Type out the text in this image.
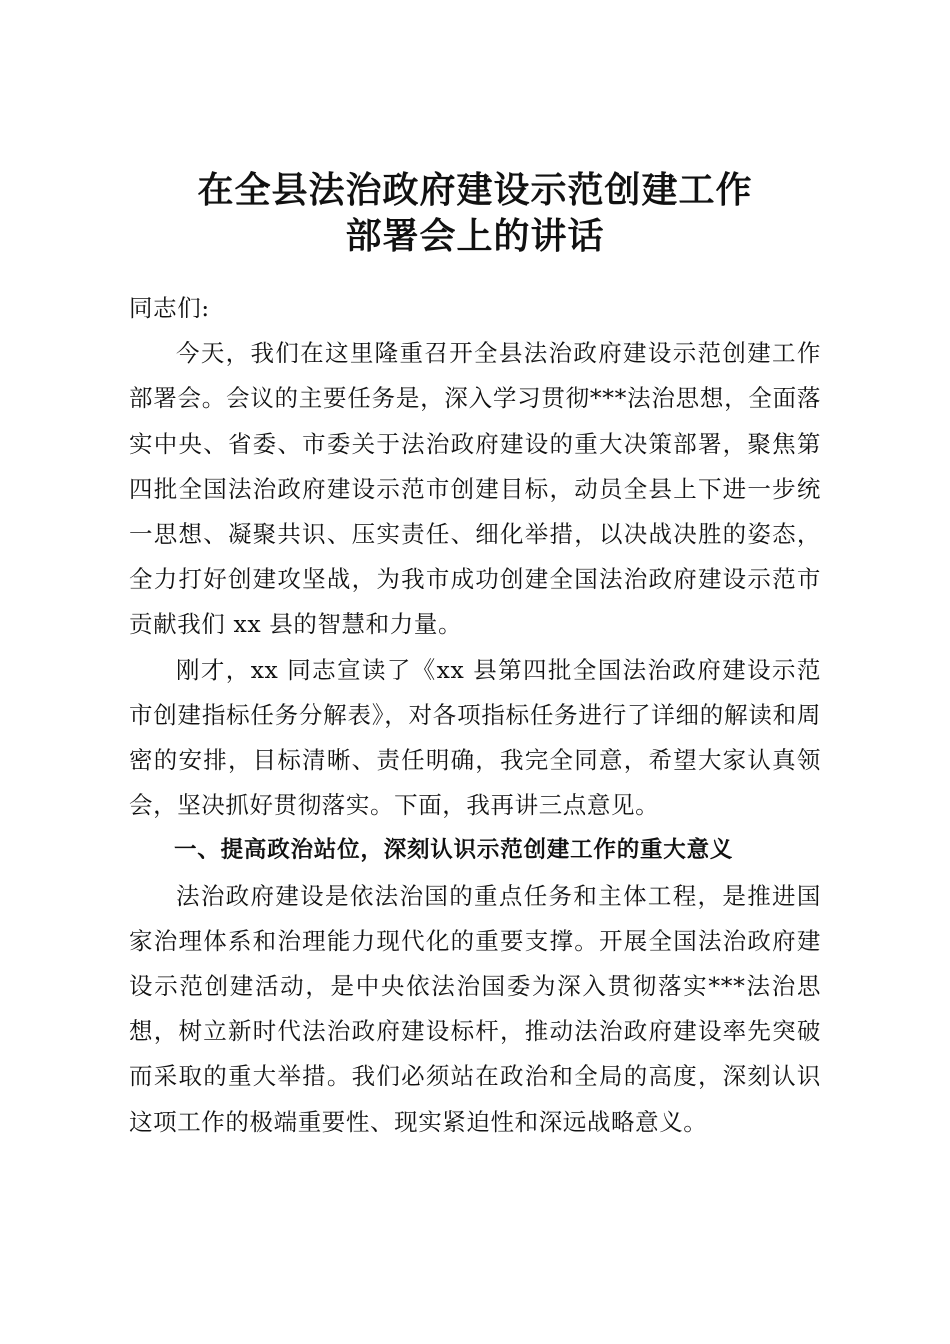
在全县法治政府建设示范创建工作
部署会上的讲话

同志们:

今天，我们在这里隆重召开全县法治政府建设示范创建工作部署会。会议的主要任务是，深入学习贯彻***法治思想，全面落实中央、省委、市委关于法治政府建设的重大决策部署，聚焦第四批全国法治政府建设示范市创建目标，动员全县上下进一步统一思想、凝聚共识、压实责任、细化举措，以决战决胜的姿态，全力打好创建攻坚战，为我市成功创建全国法治政府建设示范市贡献我们 xx 县的智慧和力量。

刚才，xx 同志宣读了《xx 县第四批全国法治政府建设示范市创建指标任务分解表》，对各项指标任务进行了详细的解读和周密的安排，目标清晰、责任明确，我完全同意，希望大家认真领会，坚决抓好贯彻落实。下面，我再讲三点意见。

一、提高政治站位，深刻认识示范创建工作的重大意义

法治政府建设是依法治国的重点任务和主体工程，是推进国家治理体系和治理能力现代化的重要支撑。开展全国法治政府建设示范创建活动，是中央依法治国委为深入贯彻落实***法治思想，树立新时代法治政府建设标杆，推动法治政府建设率先突破而采取的重大举措。我们必须站在政治和全局的高度，深刻认识这项工作的极端重要性、现实紧迫性和深远战略意义。
